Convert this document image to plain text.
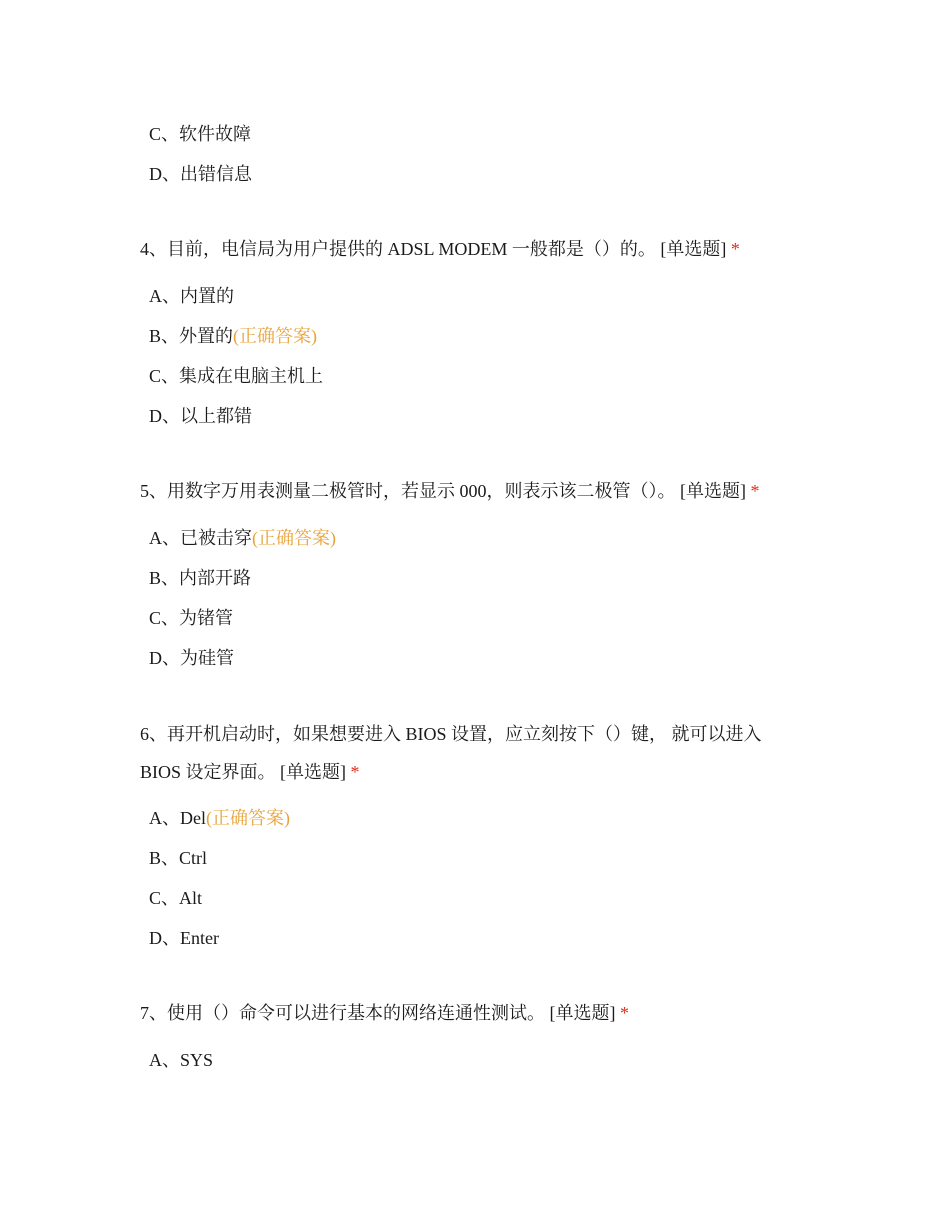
C、软件故障
D、出错信息
4、目前，电信局为用户提供的 ADSL MODEM 一般都是（）的。 [单选题] *
A、内置的
B、外置的(正确答案)
C、集成在电脑主机上
D、以上都错
5、用数字万用表测量二极管时，若显示 000，则表示该二极管（）。 [单选题] *
A、已被击穿(正确答案)
B、内部开路
C、为锗管
D、为硅管
6、再开机启动时，如果想要进入 BIOS 设置，应立刻按下（）键， 就可以进入 BIOS 设定界面。 [单选题] *
A、Del(正确答案)
B、Ctrl
C、Alt
D、Enter
7、使用（）命令可以进行基本的网络连通性测试。 [单选题] *
A、SYS
